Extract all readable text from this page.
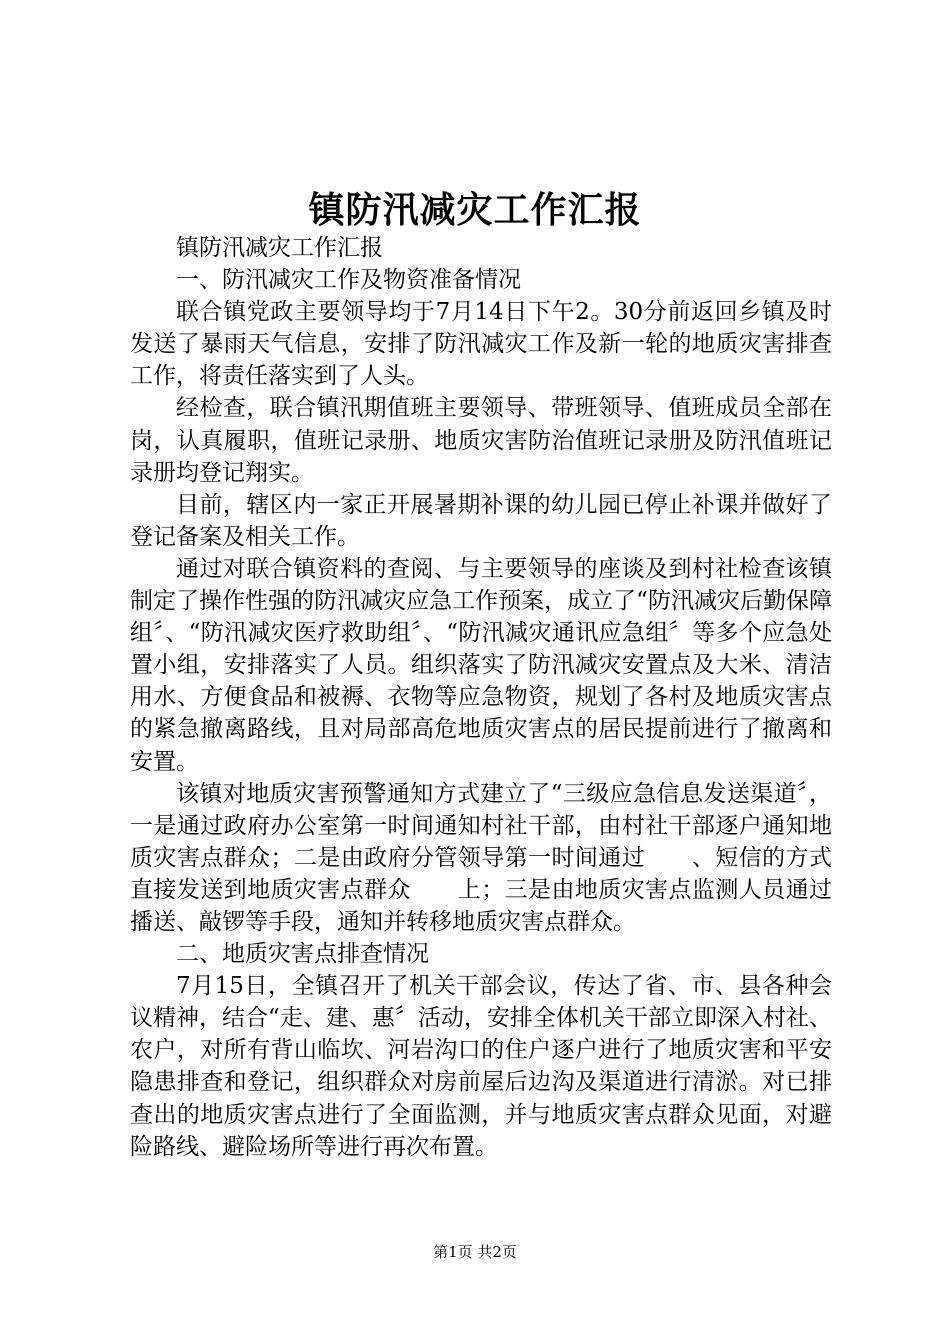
镇防汛减灾工作汇报

镇防汛减灾工作汇报

一、防汛减灾工作及物资准备情况

联合镇党政主要领导均于7月14日下午2。30分前返回乡镇及时发送了暴雨天气信息，安排了防汛减灾工作及新一轮的地质灾害排查工作，将责任落实到了人头。

经检查，联合镇汛期值班主要领导、带班领导、值班成员全部在岗，认真履职，值班记录册、地质灾害防治值班记录册及防汛值班记录册均登记翔实。

目前，辖区内一家正开展暑期补课的幼儿园已停止补课并做好了登记备案及相关工作。

通过对联合镇资料的查阅、与主要领导的座谈及到村社检查该镇制定了操作性强的防汛减灾应急工作预案，成立了“防汛减灾后勤保障组〞、“防汛减灾医疗救助组〞、“防汛减灾通讯应急组〞等多个应急处置小组，安排落实了人员。组织落实了防汛减灾安置点及大米、清洁用水、方便食品和被褥、衣物等应急物资，规划了各村及地质灾害点的紧急撤离路线，且对局部高危地质灾害点的居民提前进行了撤离和安置。

该镇对地质灾害预警通知方式建立了“三级应急信息发送渠道〞，一是通过政府办公室第一时间通知村社干部，由村社干部逐户通知地质灾害点群众；二是由政府分管领导第一时间通过　　、短信的方式直接发送到地质灾害点群众　　上；三是由地质灾害点监测人员通过播送、敲锣等手段，通知并转移地质灾害点群众。

二、地质灾害点排查情况

7月15日，全镇召开了机关干部会议，传达了省、市、县各种会议精神，结合“走、建、惠〞活动，安排全体机关干部立即深入村社、农户，对所有背山临坎、河岩沟口的住户逐户进行了地质灾害和平安隐患排查和登记，组织群众对房前屋后边沟及渠道进行清淤。对已排查出的地质灾害点进行了全面监测，并与地质灾害点群众见面，对避险路线、避险场所等进行再次布置。

第1页 共2页
